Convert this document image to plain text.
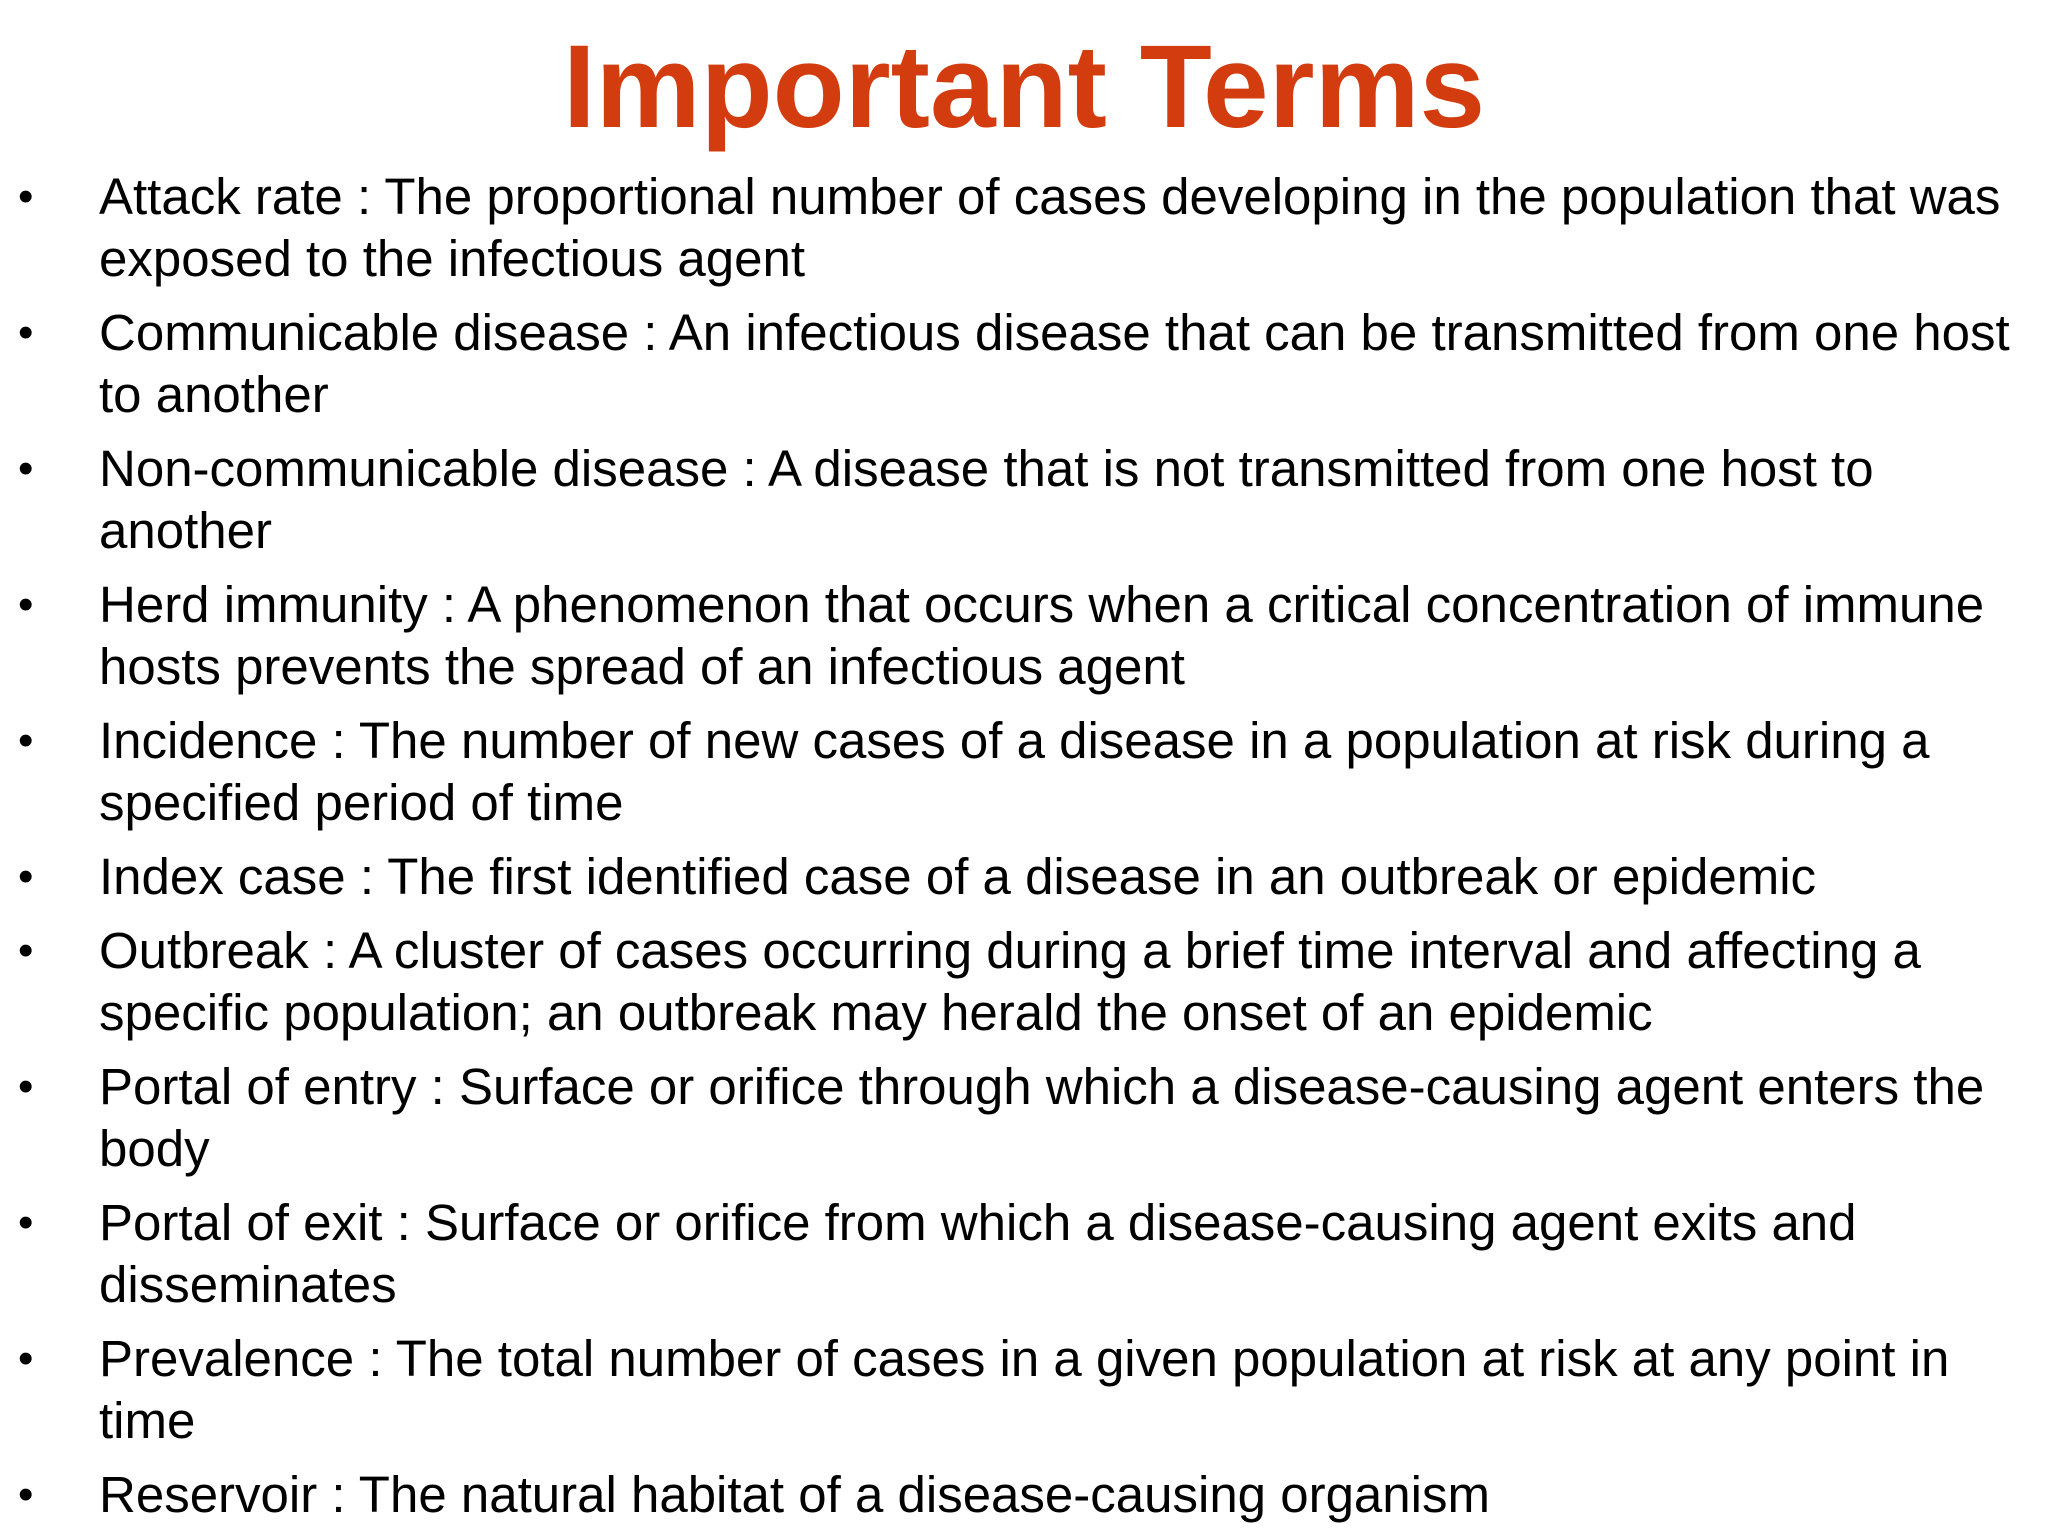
Important Terms
• Attack rate : The proportional number of cases developing in the population that was exposed to the infectious agent
• Communicable disease : An infectious disease that can be transmitted from one host to another
• Non-communicable disease : A disease that is not transmitted from one host to another
• Herd immunity : A phenomenon that occurs when a critical concentration of immune hosts prevents the spread of an infectious agent
• Incidence : The number of new cases of a disease in a population at risk during a specified period of time
• Index case : The first identified case of a disease in an outbreak or epidemic
• Outbreak : A cluster of cases occurring during a brief time interval and affecting a specific population; an outbreak may herald the onset of an epidemic
• Portal of entry : Surface or orifice through which a disease-causing agent enters the body
• Portal of exit : Surface or orifice from which a disease-causing agent exits and disseminates
• Prevalence : The total number of cases in a given population at risk at any point in time
• Reservoir : The natural habitat of a disease-causing organism
